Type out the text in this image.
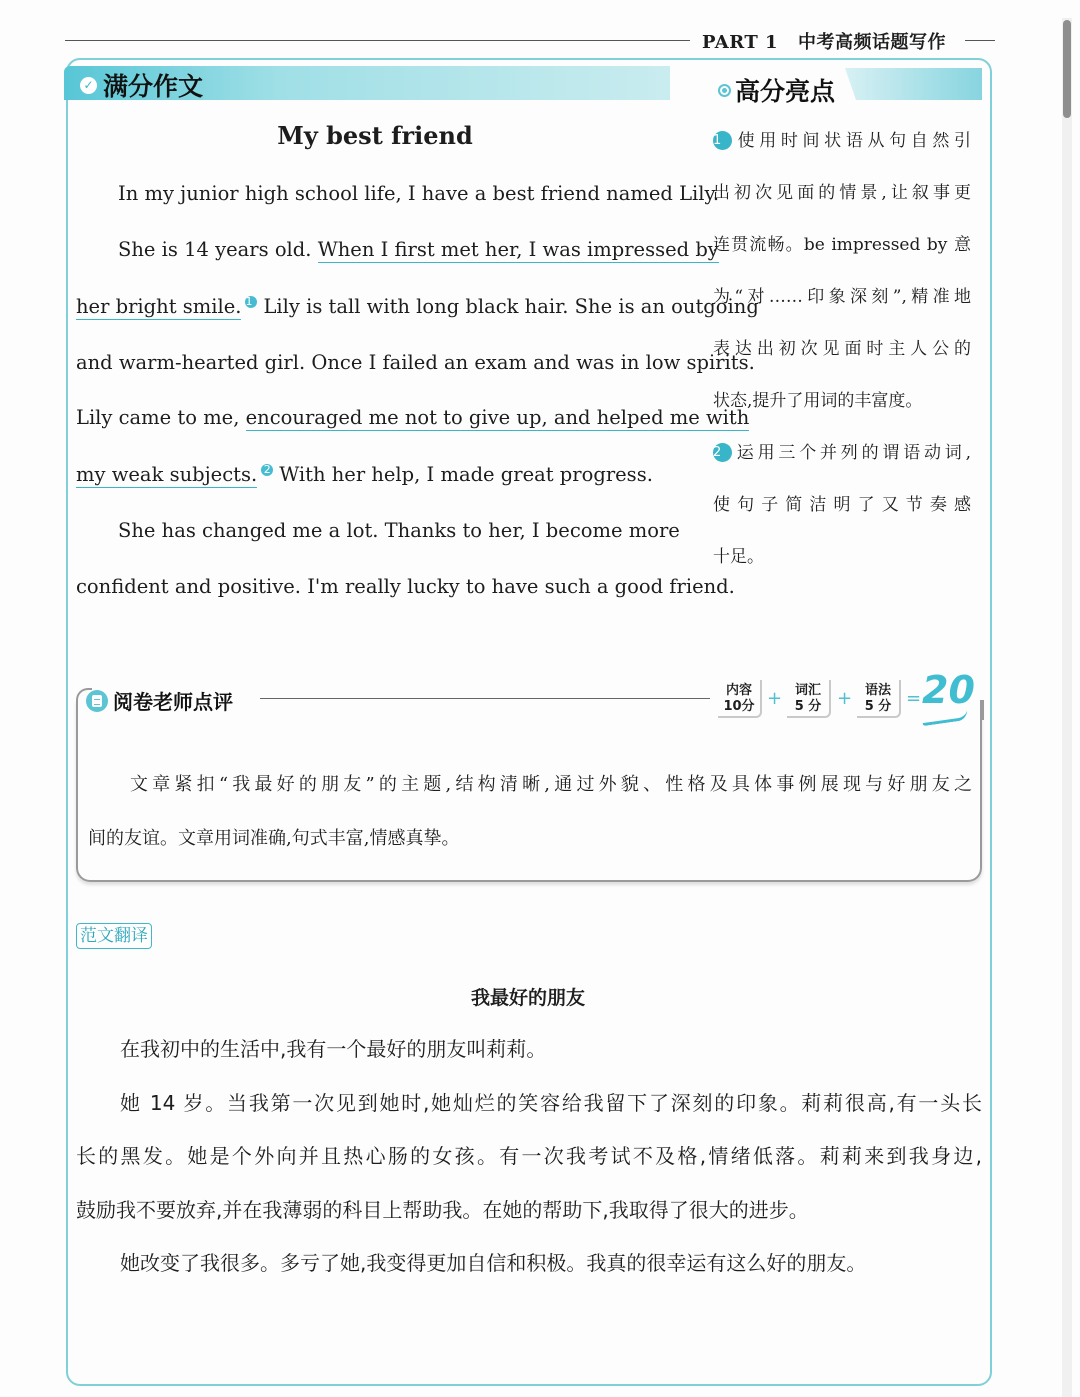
PART 1 中考高频话题写作
✓ 满分作文	高分亮点
My best friend
In my junior high school life, I have a best friend named Lily.
She is 14 years old. When I first met her, I was impressed by
her bright smile. 1 Lily is tall with long black hair. She is an outgoing
and warm-hearted girl. Once I failed an exam and was in low spirits.
Lily came to me, encouraged me not to give up, and helped me with
my weak subjects. 2 With her help, I made great progress.
She has changed me a lot. Thanks to her, I become more
confident and positive. I'm really lucky to have such a good friend.
1 使用时间状语从句自然引
出初次见面的情景,让叙事更
连贯流畅。be impressed by 意
为“对……印象深刻”,精准地
表达出初次见面时主人公的
状态,提升了用词的丰富度。
2 运用三个并列的谓语动词,
使句子简洁明了又节奏感
十足。
阅卷老师点评	内容
10分 + 词汇
5 分 + 语法
5 分 = 20
文章紧扣“我最好的朋友”的主题,结构清晰,通过外貌、性格及具体事例展现与好朋友之
间的友谊。文章用词准确,句式丰富,情感真挚。
范文翻译
我最好的朋友
在我初中的生活中,我有一个最好的朋友叫莉莉。
她 14 岁。当我第一次见到她时,她灿烂的笑容给我留下了深刻的印象。莉莉很高,有一头长
长的黑发。她是个外向并且热心肠的女孩。有一次我考试不及格,情绪低落。莉莉来到我身边,
鼓励我不要放弃,并在我薄弱的科目上帮助我。在她的帮助下,我取得了很大的进步。
她改变了我很多。多亏了她,我变得更加自信和积极。我真的很幸运有这么好的朋友。
